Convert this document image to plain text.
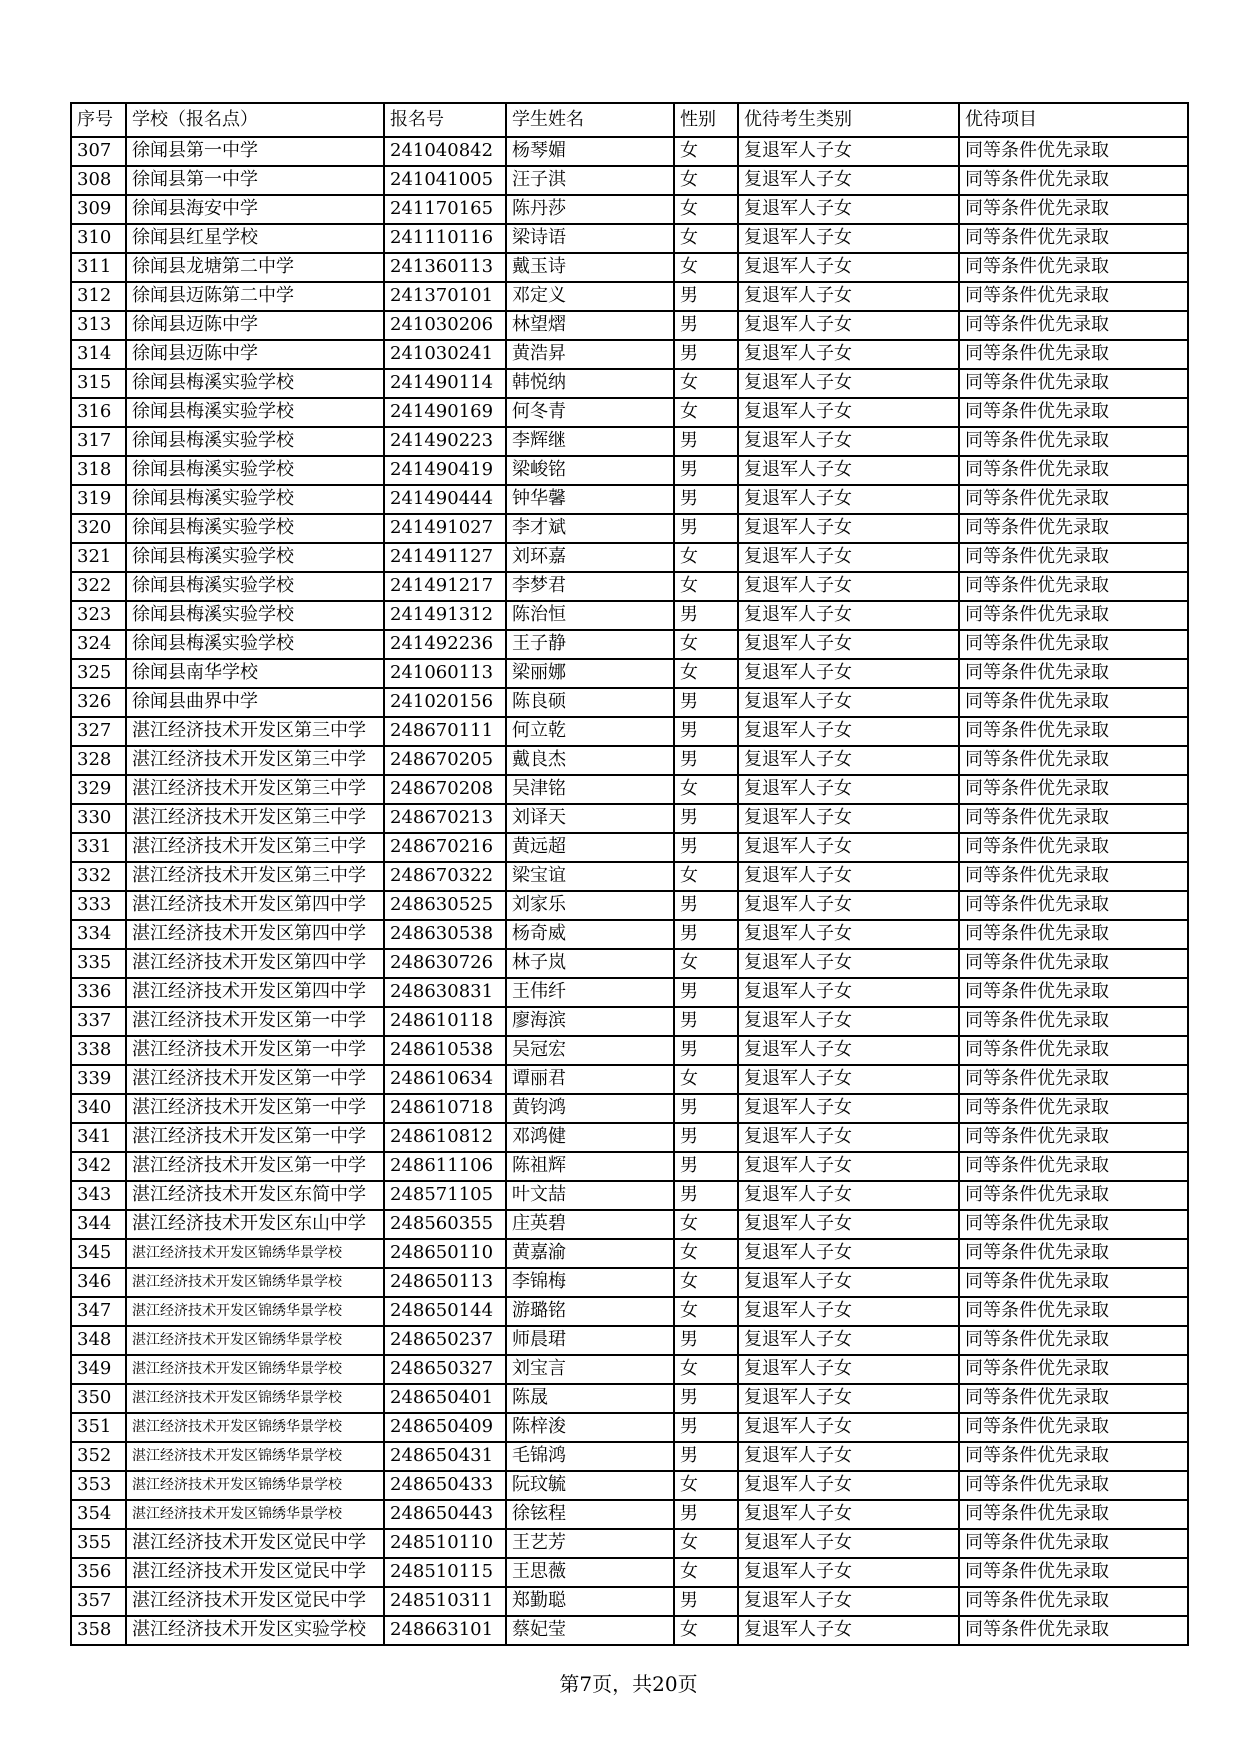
序号	学校（报名点）	报名号	学生姓名	性别	优待考生类别	优待项目
307	徐闻县第一中学	241040842	杨琴媚	女	复退军人子女	同等条件优先录取
308	徐闻县第一中学	241041005	汪子淇	女	复退军人子女	同等条件优先录取
309	徐闻县海安中学	241170165	陈丹莎	女	复退军人子女	同等条件优先录取
310	徐闻县红星学校	241110116	梁诗语	女	复退军人子女	同等条件优先录取
311	徐闻县龙塘第二中学	241360113	戴玉诗	女	复退军人子女	同等条件优先录取
312	徐闻县迈陈第二中学	241370101	邓定义	男	复退军人子女	同等条件优先录取
313	徐闻县迈陈中学	241030206	林望熠	男	复退军人子女	同等条件优先录取
314	徐闻县迈陈中学	241030241	黄浩昇	男	复退军人子女	同等条件优先录取
315	徐闻县梅溪实验学校	241490114	韩悦纳	女	复退军人子女	同等条件优先录取
316	徐闻县梅溪实验学校	241490169	何冬青	女	复退军人子女	同等条件优先录取
317	徐闻县梅溪实验学校	241490223	李辉继	男	复退军人子女	同等条件优先录取
318	徐闻县梅溪实验学校	241490419	梁峻铭	男	复退军人子女	同等条件优先录取
319	徐闻县梅溪实验学校	241490444	钟华馨	男	复退军人子女	同等条件优先录取
320	徐闻县梅溪实验学校	241491027	李才斌	男	复退军人子女	同等条件优先录取
321	徐闻县梅溪实验学校	241491127	刘环嘉	女	复退军人子女	同等条件优先录取
322	徐闻县梅溪实验学校	241491217	李梦君	女	复退军人子女	同等条件优先录取
323	徐闻县梅溪实验学校	241491312	陈治恒	男	复退军人子女	同等条件优先录取
324	徐闻县梅溪实验学校	241492236	王子静	女	复退军人子女	同等条件优先录取
325	徐闻县南华学校	241060113	梁丽娜	女	复退军人子女	同等条件优先录取
326	徐闻县曲界中学	241020156	陈良硕	男	复退军人子女	同等条件优先录取
327	湛江经济技术开发区第三中学	248670111	何立乾	男	复退军人子女	同等条件优先录取
328	湛江经济技术开发区第三中学	248670205	戴良杰	男	复退军人子女	同等条件优先录取
329	湛江经济技术开发区第三中学	248670208	吴津铭	女	复退军人子女	同等条件优先录取
330	湛江经济技术开发区第三中学	248670213	刘译天	男	复退军人子女	同等条件优先录取
331	湛江经济技术开发区第三中学	248670216	黄远超	男	复退军人子女	同等条件优先录取
332	湛江经济技术开发区第三中学	248670322	梁宝谊	女	复退军人子女	同等条件优先录取
333	湛江经济技术开发区第四中学	248630525	刘家乐	男	复退军人子女	同等条件优先录取
334	湛江经济技术开发区第四中学	248630538	杨奇威	男	复退军人子女	同等条件优先录取
335	湛江经济技术开发区第四中学	248630726	林子岚	女	复退军人子女	同等条件优先录取
336	湛江经济技术开发区第四中学	248630831	王伟纤	男	复退军人子女	同等条件优先录取
337	湛江经济技术开发区第一中学	248610118	廖海滨	男	复退军人子女	同等条件优先录取
338	湛江经济技术开发区第一中学	248610538	吴冠宏	男	复退军人子女	同等条件优先录取
339	湛江经济技术开发区第一中学	248610634	谭丽君	女	复退军人子女	同等条件优先录取
340	湛江经济技术开发区第一中学	248610718	黄钧鸿	男	复退军人子女	同等条件优先录取
341	湛江经济技术开发区第一中学	248610812	邓鸿健	男	复退军人子女	同等条件优先录取
342	湛江经济技术开发区第一中学	248611106	陈祖辉	男	复退军人子女	同等条件优先录取
343	湛江经济技术开发区东简中学	248571105	叶文喆	男	复退军人子女	同等条件优先录取
344	湛江经济技术开发区东山中学	248560355	庄英碧	女	复退军人子女	同等条件优先录取
345	湛江经济技术开发区锦绣华景学校	248650110	黄嘉渝	女	复退军人子女	同等条件优先录取
346	湛江经济技术开发区锦绣华景学校	248650113	李锦梅	女	复退军人子女	同等条件优先录取
347	湛江经济技术开发区锦绣华景学校	248650144	游璐铭	女	复退军人子女	同等条件优先录取
348	湛江经济技术开发区锦绣华景学校	248650237	师晨珺	男	复退军人子女	同等条件优先录取
349	湛江经济技术开发区锦绣华景学校	248650327	刘宝言	女	复退军人子女	同等条件优先录取
350	湛江经济技术开发区锦绣华景学校	248650401	陈晟	男	复退军人子女	同等条件优先录取
351	湛江经济技术开发区锦绣华景学校	248650409	陈梓浚	男	复退军人子女	同等条件优先录取
352	湛江经济技术开发区锦绣华景学校	248650431	毛锦鸿	男	复退军人子女	同等条件优先录取
353	湛江经济技术开发区锦绣华景学校	248650433	阮玟毓	女	复退军人子女	同等条件优先录取
354	湛江经济技术开发区锦绣华景学校	248650443	徐铉程	男	复退军人子女	同等条件优先录取
355	湛江经济技术开发区觉民中学	248510110	王艺芳	女	复退军人子女	同等条件优先录取
356	湛江经济技术开发区觉民中学	248510115	王思薇	女	复退军人子女	同等条件优先录取
357	湛江经济技术开发区觉民中学	248510311	郑勤聪	男	复退军人子女	同等条件优先录取
358	湛江经济技术开发区实验学校	248663101	蔡妃莹	女	复退军人子女	同等条件优先录取
第7页，共20页
